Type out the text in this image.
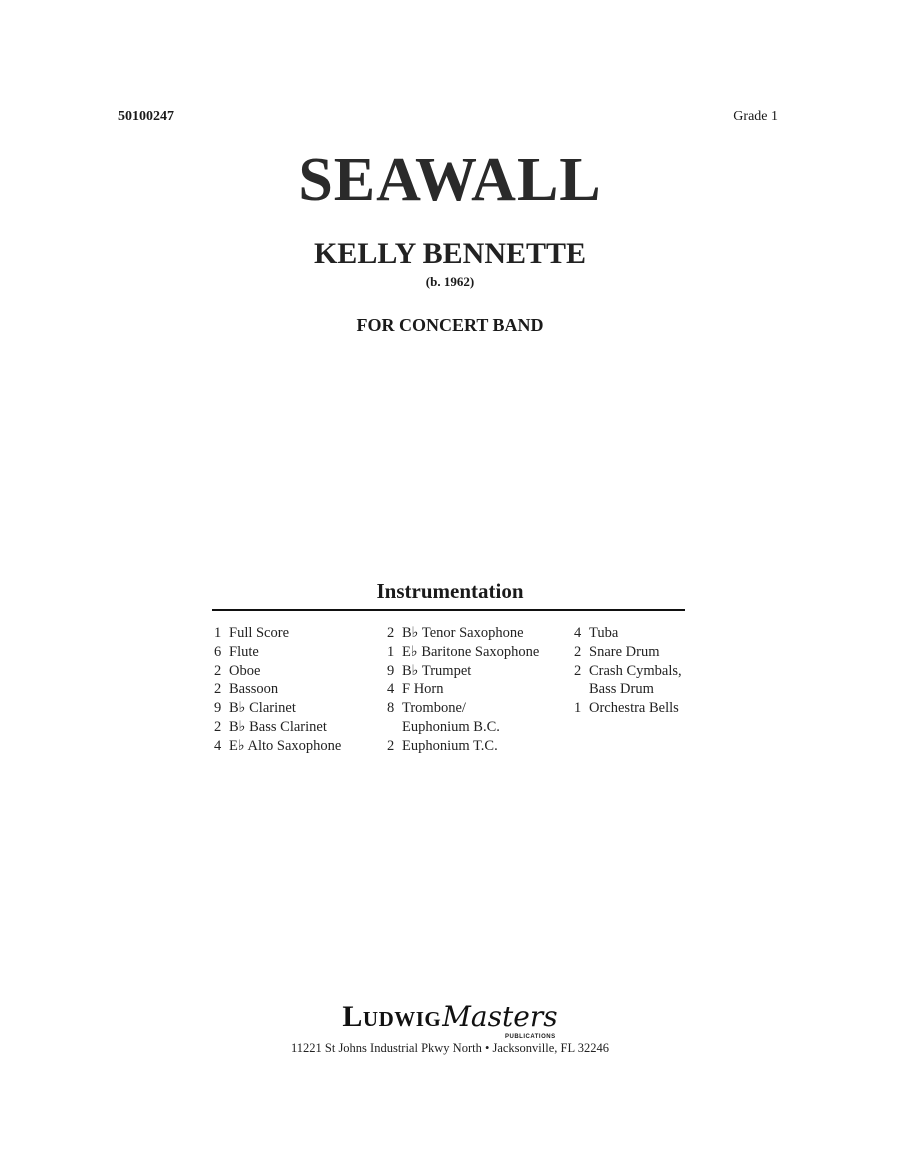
50100247	Grade 1
SEAWALL
KELLY BENNETTE
(b. 1962)
FOR CONCERT BAND
Instrumentation
1 Full Score
6 Flute
2 Oboe
2 Bassoon
9 B♭ Clarinet
2 B♭ Bass Clarinet
4 E♭ Alto Saxophone
2 B♭ Tenor Saxophone
1 E♭ Baritone Saxophone
9 B♭ Trumpet
4 F Horn
8 Trombone/
Euphonium B.C.
2 Euphonium T.C.
4 Tuba
2 Snare Drum
2 Crash Cymbals,
Bass Drum
1 Orchestra Bells
LUDWIGMasters
PUBLICATIONS
11221 St Johns Industrial Pkwy North • Jacksonville, FL 32246
